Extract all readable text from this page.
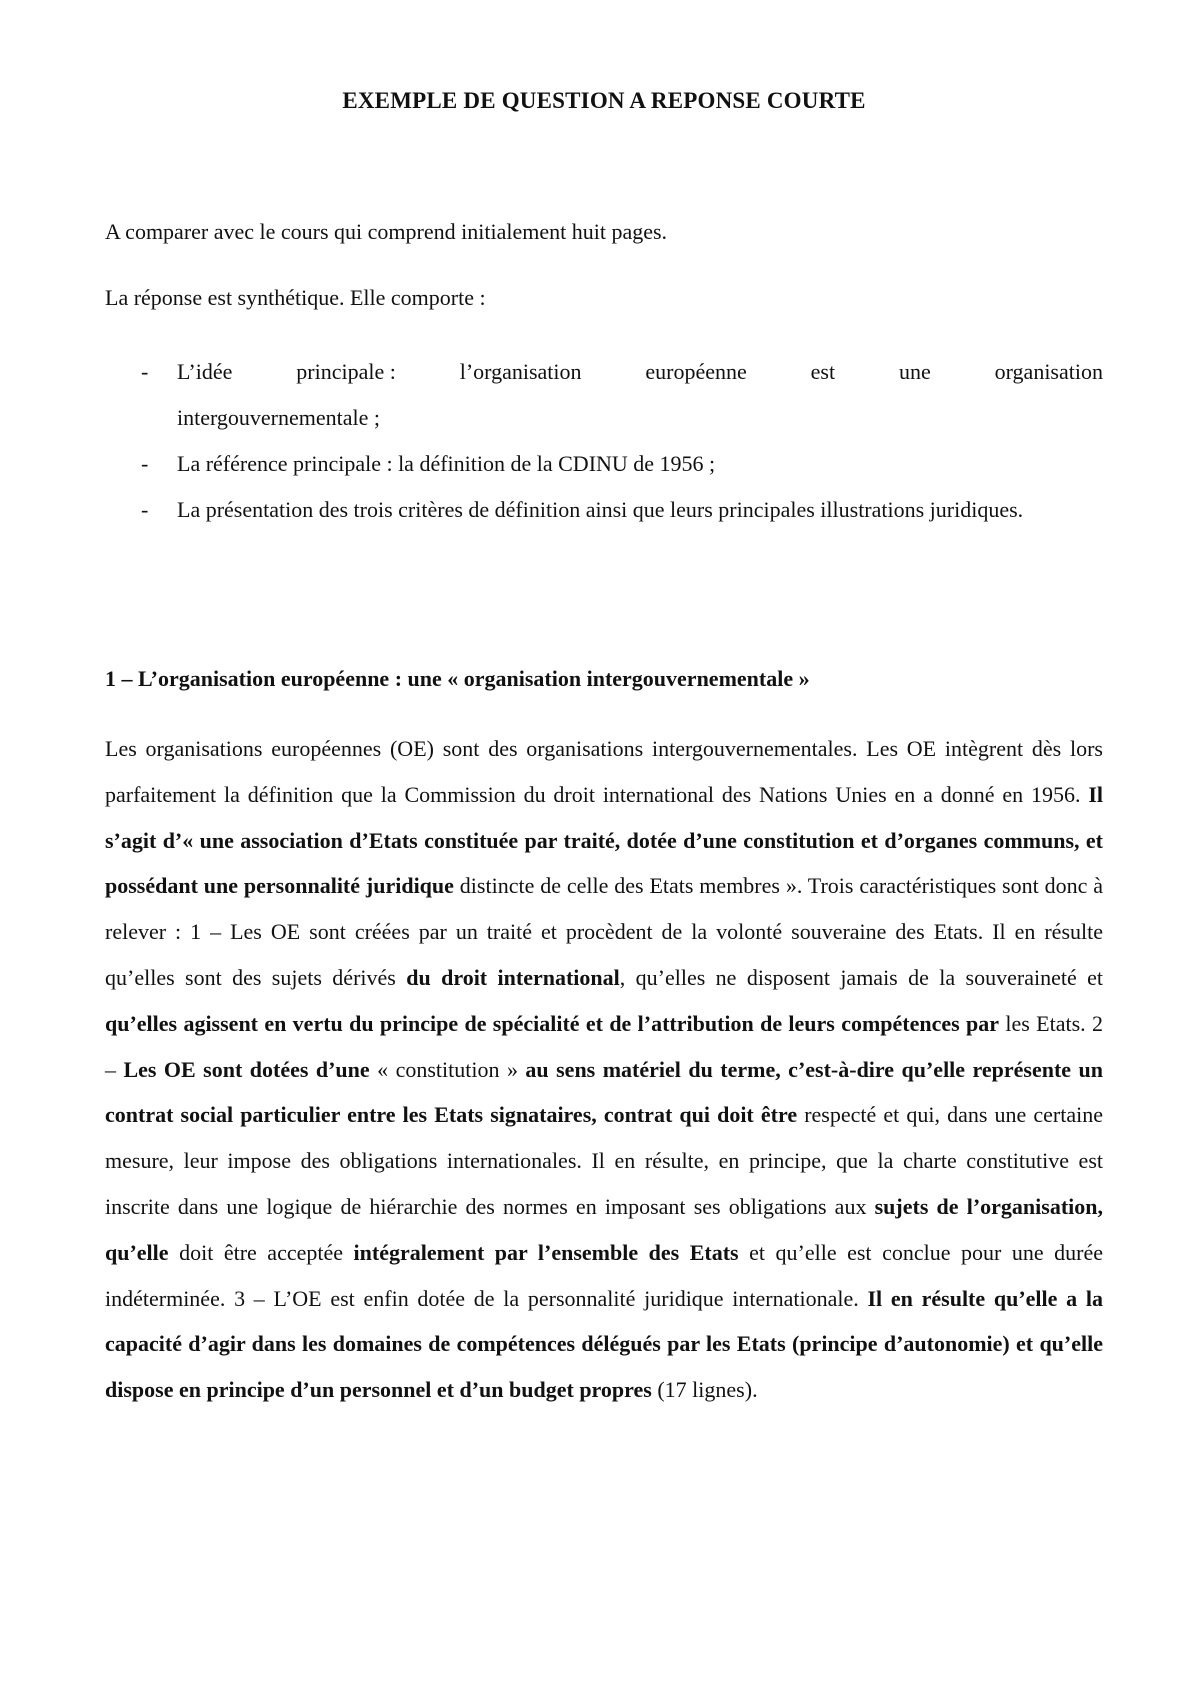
EXEMPLE DE QUESTION A REPONSE COURTE

A comparer avec le cours qui comprend initialement huit pages.

La réponse est synthétique. Elle comporte :

- L’idée	principale :	l’organisation	européenne	est	une	organisation
intergouvernementale ;
- La référence principale : la définition de la CDINU de 1956 ;
- La présentation des trois critères de définition ainsi que leurs principales illustrations juridiques.
1 – L’organisation européenne : une « organisation intergouvernementale »

Les organisations européennes (OE) sont des organisations intergouvernementales. Les OE intègrent dès lors parfaitement la définition que la Commission du droit international des Nations Unies en a donné en 1956. Il s’agit d’« une association d’Etats constituée par traité, dotée d’une constitution et d’organes communs, et possédant une personnalité juridique distincte de celle des Etats membres ». Trois caractéristiques sont donc à relever : 1 – Les OE sont créées par un traité et procèdent de la volonté souveraine des Etats. Il en résulte qu’elles sont des sujets dérivés du droit international, qu’elles ne disposent jamais de la souveraineté et qu’elles agissent en vertu du principe de spécialité et de l’attribution de leurs compétences par les Etats. 2 – Les OE sont dotées d’une « constitution » au sens matériel du terme, c’est-à-dire qu’elle représente un contrat social particulier entre les Etats signataires, contrat qui doit être respecté et qui, dans une certaine mesure, leur impose des obligations internationales. Il en résulte, en principe, que la charte constitutive est inscrite dans une logique de hiérarchie des normes en imposant ses obligations aux sujets de l’organisation, qu’elle doit être acceptée intégralement par l’ensemble des Etats et qu’elle est conclue pour une durée indéterminée. 3 – L’OE est enfin dotée de la personnalité juridique internationale. Il en résulte qu’elle a la capacité d’agir dans les domaines de compétences délégués par les Etats (principe d’autonomie) et qu’elle dispose en principe d’un personnel et d’un budget propres (17 lignes).
